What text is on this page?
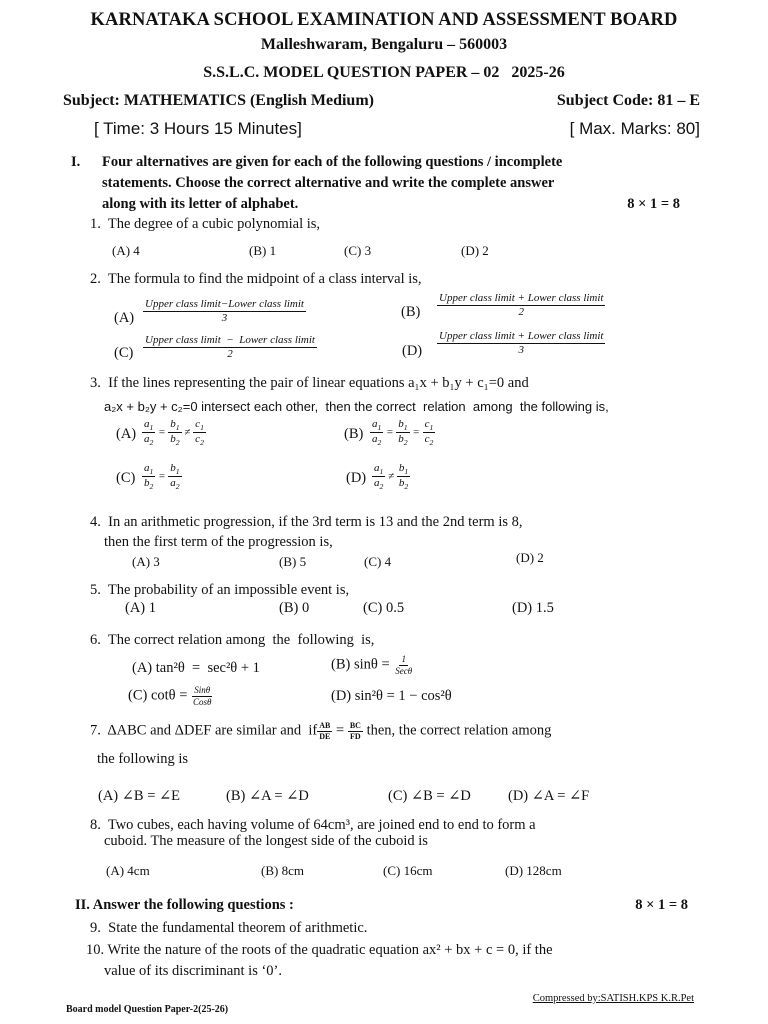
KARNATAKA SCHOOL EXAMINATION AND ASSESSMENT BOARD
Malleshwaram, Bengaluru – 560003
S.S.L.C. MODEL QUESTION PAPER – 02   2025-26
Subject: MATHEMATICS (English Medium)	Subject Code: 81 – E
[ Time: 3 Hours 15 Minutes]	[ Max. Marks: 80]
I. Four alternatives are given for each of the following questions / incomplete
statements. Choose the correct alternative and write the complete answer
along with its letter of alphabet.	8 × 1 = 8
1.  The degree of a cubic polynomial is,
(A) 4	(B) 1	(C) 3	(D) 2
2.  The formula to find the midpoint of a class interval is,
$(A) \frac{\text{Upper class limit−Lower class limit}}{3}$	$(B) \frac{\text{Upper class limit + Lower class limit}}{2}$
$(C) \frac{\text{Upper class limit  −  Lower class limit}}{2}$	$(D) \frac{\text{Upper class limit + Lower class limit}}{3}$
3.  If the lines representing the pair of linear equations a₁x + b₁y + c₁=0 and
a₂x + b₂y + c₂=0 intersect each other,  then the correct  relation  among  the following is,
$(A) \frac{a_1}{a_2} = \frac{b_1}{b_2} \ne \frac{c_1}{c_2}$	$(B) \frac{a_1}{a_2} = \frac{b_1}{b_2} = \frac{c_1}{c_2}$
$(C) \frac{a_1}{b_2} = \frac{b_1}{a_2}$	$(D) \frac{a_1}{a_2} \ne \frac{b_1}{b_2}$
4.  In an arithmetic progression, if the 3rd term is 13 and the 2nd term is 8,
then the first term of the progression is,
(A) 3	(B) 5	(C) 4	(D) 2
5.  The probability of an impossible event is,
(A) 1	(B) 0	(C) 0.5	(D) 1.5
6.  The correct relation among  the  following  is,
(A) tan²θ  =  sec²θ + 1	(B) $\sin\theta = \frac{1}{\text{Secθ}}$
(C) $\cot\theta = \frac{\text{Sinθ}}{\text{Cosθ}}$	(D) sin²θ = 1 − cos²θ
7.  ΔABC and ΔDEF are similar and  if $\frac{AB}{DE} = \frac{BC}{FD}$ then, the correct relation among
the following is
(A) ∠B = ∠E	(B) ∠A = ∠D	(C) ∠B = ∠D	(D) ∠A = ∠F
8.  Two cubes, each having volume of 64cm³, are joined end to end to form a
cuboid. The measure of the longest side of the cuboid is
(A) 4cm	(B) 8cm	(C) 16cm	(D) 128cm
II. Answer the following questions :	8 × 1 = 8
9.  State the fundamental theorem of arithmetic.
10. Write the nature of the roots of the quadratic equation ax² + bx + c = 0, if the
value of its discriminant is ‘0’.
Board model Question Paper-2(25-26)
Compressed by:SATISH.KPS K.R.Pet
